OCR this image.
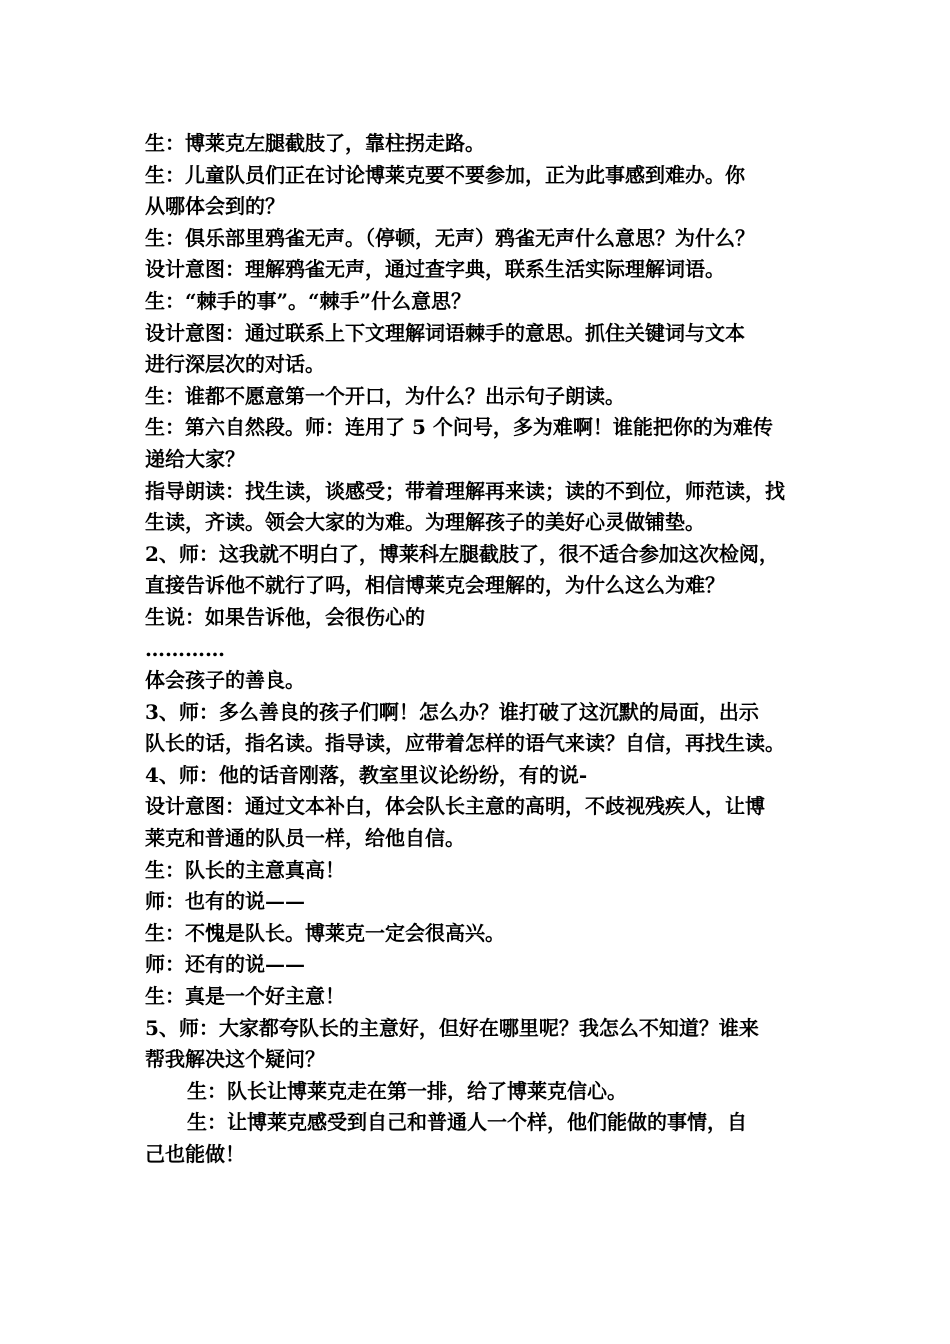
生：博莱克左腿截肢了，靠柱拐走路。
生：儿童队员们正在讨论博莱克要不要参加，正为此事感到难办。你
从哪体会到的？
生：俱乐部里鸦雀无声。（停顿，无声）鸦雀无声什么意思？为什么？
设计意图：理解鸦雀无声，通过查字典，联系生活实际理解词语。
生：“棘手的事”。“棘手”什么意思？
设计意图：通过联系上下文理解词语棘手的意思。抓住关键词与文本
进行深层次的对话。
生：谁都不愿意第一个开口，为什么？出示句子朗读。
生：第六自然段。师：连用了 5 个问号，多为难啊！谁能把你的为难传
递给大家？
指导朗读：找生读，谈感受；带着理解再来读；读的不到位，师范读，找
生读，齐读。领会大家的为难。为理解孩子的美好心灵做铺垫。
2、师：这我就不明白了，博莱科左腿截肢了，很不适合参加这次检阅，
直接告诉他不就行了吗，相信博莱克会理解的，为什么这么为难？
生说：如果告诉他，会很伤心的
…………
体会孩子的善良。
3、师：多么善良的孩子们啊！怎么办？谁打破了这沉默的局面，出示
队长的话，指名读。指导读，应带着怎样的语气来读？自信，再找生读。
4、师：他的话音刚落，教室里议论纷纷，有的说-
设计意图：通过文本补白，体会队长主意的高明，不歧视残疾人，让博
莱克和普通的队员一样，给他自信。
生：队长的主意真高！
师：也有的说——
生：不愧是队长。博莱克一定会很高兴。
师：还有的说——
生：真是一个好主意！
5、师：大家都夸队长的主意好，但好在哪里呢？我怎么不知道？谁来
帮我解决这个疑问？
生：队长让博莱克走在第一排，给了博莱克信心。
生：让博莱克感受到自己和普通人一个样，他们能做的事情，自
己也能做！
